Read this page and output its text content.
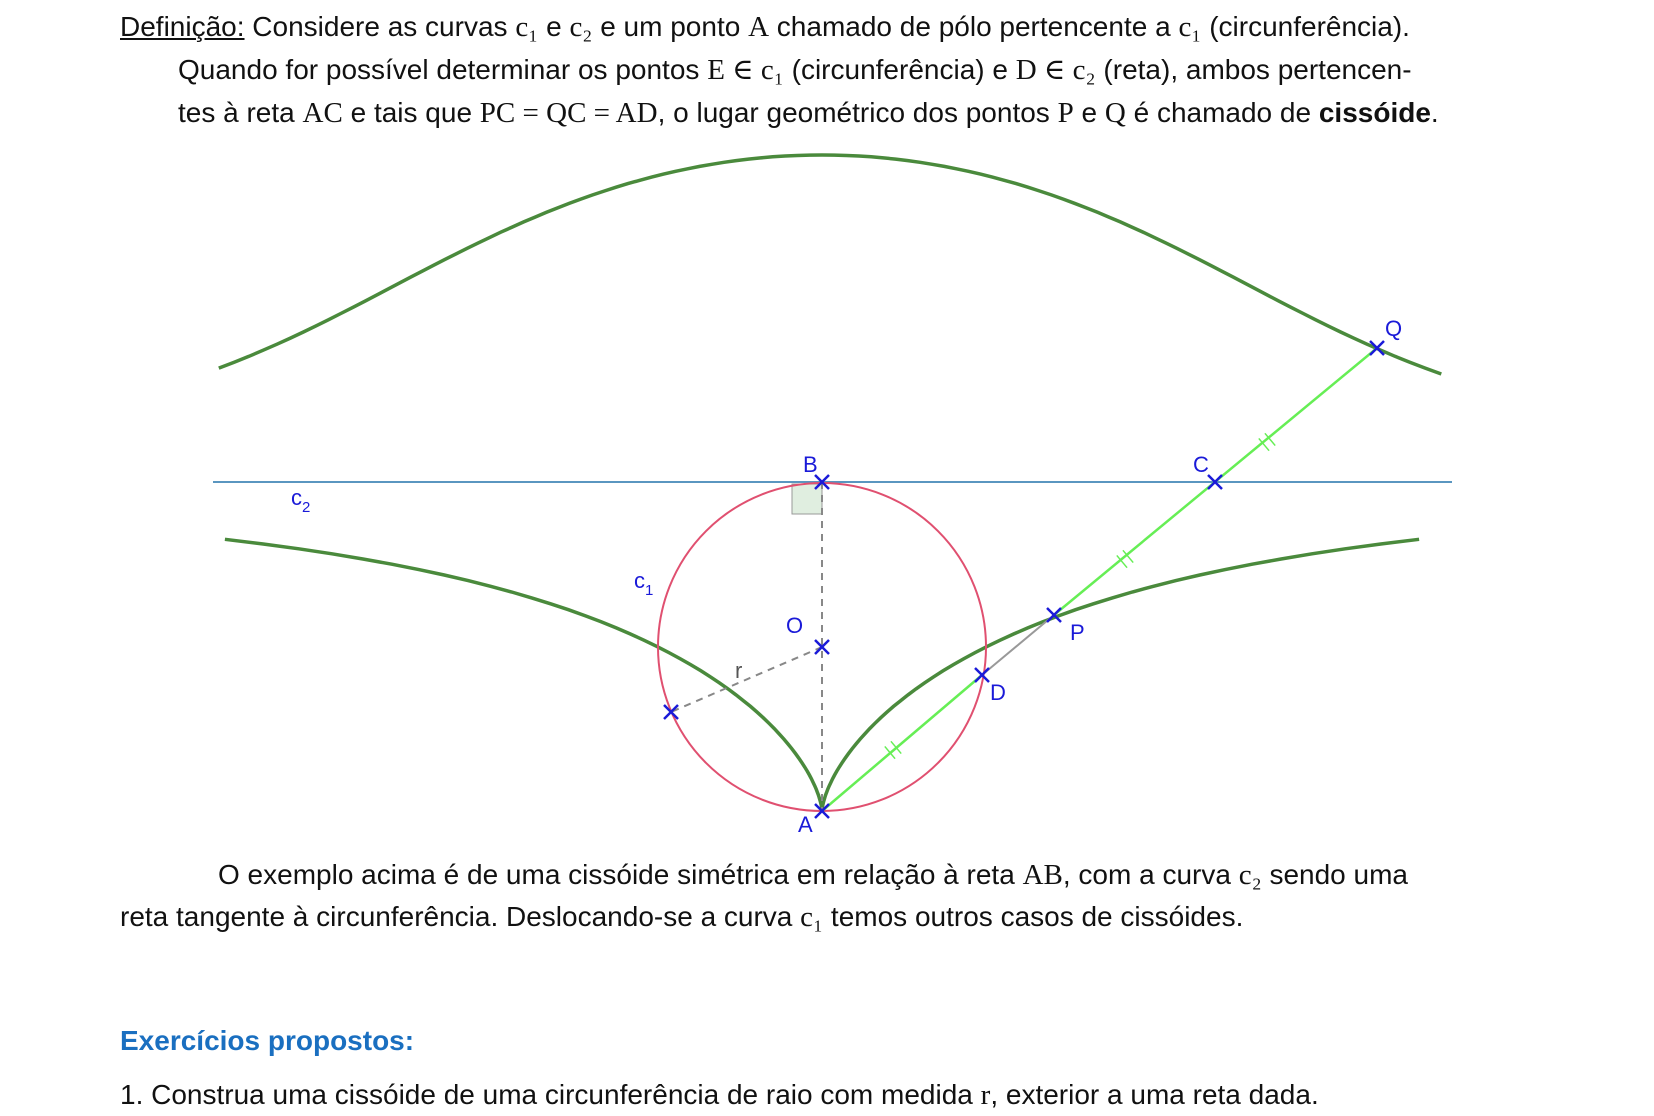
Definição: Considere as curvas c₁ e c₂ e um ponto A chamado de pólo pertencente a c₁ (circunferência).
Quando for possível determinar os pontos E ∈ c₁ (circunferência) e D ∈ c₂ (reta), ambos pertencen-
tes à reta AC e tais que PC = QC = AD, o lugar geométrico dos pontos P e Q é chamado de cissóide.
B	C
Q
O	P
D
A
r
$c_1$
$c_2$
O exemplo acima é de uma cissóide simétrica em relação à reta AB, com a curva c₂ sendo uma
reta tangente à circunferência. Deslocando-se a curva c₁ temos outros casos de cissóides.
Exercícios propostos:
1. Construa uma cissóide de uma circunferência de raio com medida r, exterior a uma reta dada.
